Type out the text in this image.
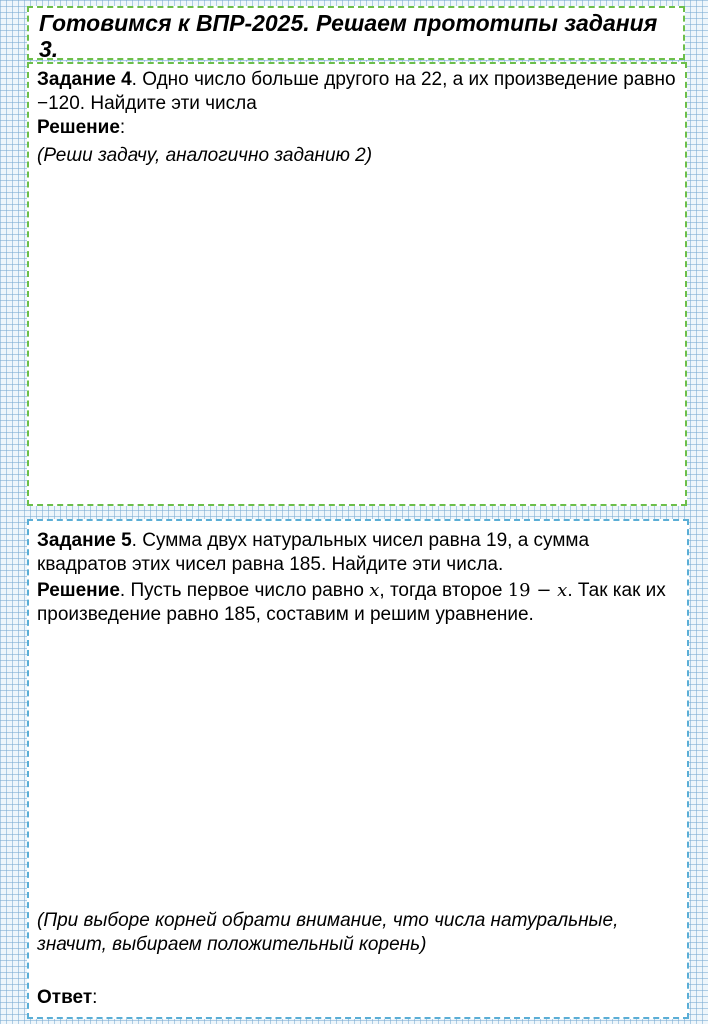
Готовимся к ВПР-2025. Решаем прототипы задания 3.
Задание 4. Одно число больше другого на 22, а их произведение равно −120. Найдите эти числа
Решение:
(Реши задачу, аналогично заданию 2)
Задание 5. Сумма двух натуральных чисел равна 19, а сумма квадратов этих чисел равна 185. Найдите эти числа.
Решение. Пусть первое число равно x, тогда второе 19 − x. Так как их произведение равно 185, составим и решим уравнение.
(При выборе корней обрати внимание, что числа натуральные, значит, выбираем положительный корень)
Ответ:
